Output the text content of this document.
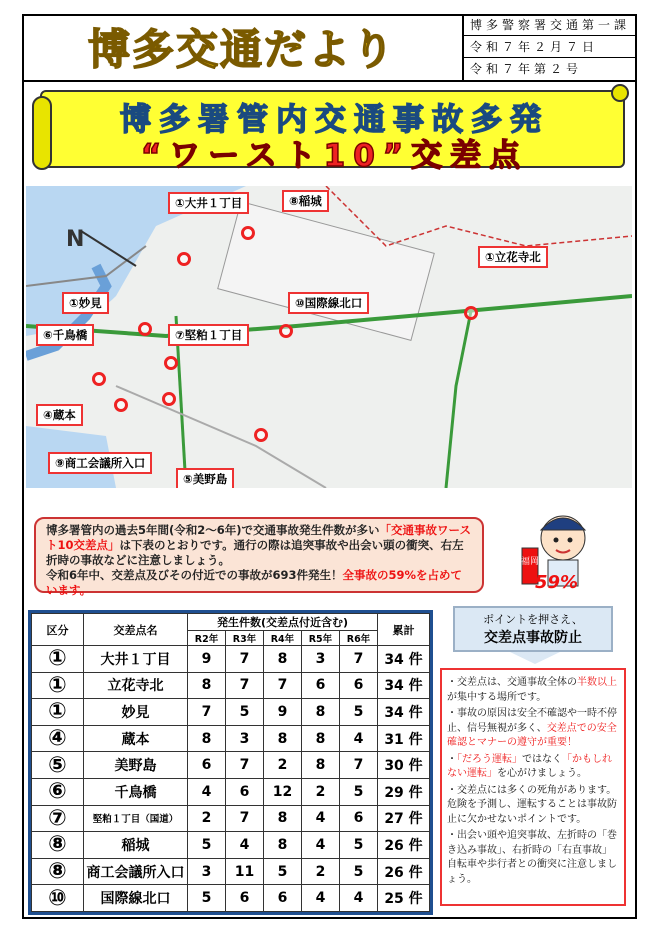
博多交通だより	博多警察署交通第一課
令和７年２月７日
令和７年第２号
博多署管内交通事故多発
“ワースト10”交差点
N
①大井１丁目	⑧稲城
①立花寺北
①妙見	⑩国際線北口
⑥千鳥橋	⑦堅粕１丁目
④蔵本
⑨商工会議所入口
⑤美野島
博多署管内の過去5年間(令和2～6年)で交通事故発生件数が多い「交通事故ワースト10交差点」は下表のとおりです。通行の際は追突事故や出会い頭の衝突、右左折時の事故などに注意しましょう。
令和6年中、交差点及びその付近での事故が693件発生！全事故の59%を占めています。
福岡
59%
区分	交差点名	発生件数(交差点付近含む)					累計
		R2年	R3年	R4年	R5年	R6年	
①	大井１丁目	9	7	8	3	7	34 件
①	立花寺北	8	7	7	6	6	34 件
①	妙見	7	5	9	8	5	34 件
④	蔵本	8	3	8	8	4	31 件
⑤	美野島	6	7	2	8	7	30 件
⑥	千鳥橋	4	6	12	2	5	29 件
⑦	堅粕１丁目（国道）	2	7	8	4	6	27 件
⑧	稲城	5	4	8	4	5	26 件
⑧	商工会議所入口	3	11	5	2	5	26 件
⑩	国際線北口	5	6	6	4	4	25 件
ポイントを押さえ、
交差点事故防止

・交差点は、交通事故全体の半数以上が集中する場所です。

・事故の原因は安全不確認や一時不停止、信号無視が多く、交差点での安全確認とマナーの遵守が重要！

・「だろう運転」ではなく「かもしれない運転」を心がけましょう。

・交差点には多くの死角があります。危険を予測し、運転することは事故防止に欠かせないポイントです。

・出会い頭や追突事故、左折時の「巻き込み事故」、右折時の「右直事故」自転車や歩行者との衝突に注意しましょう。
